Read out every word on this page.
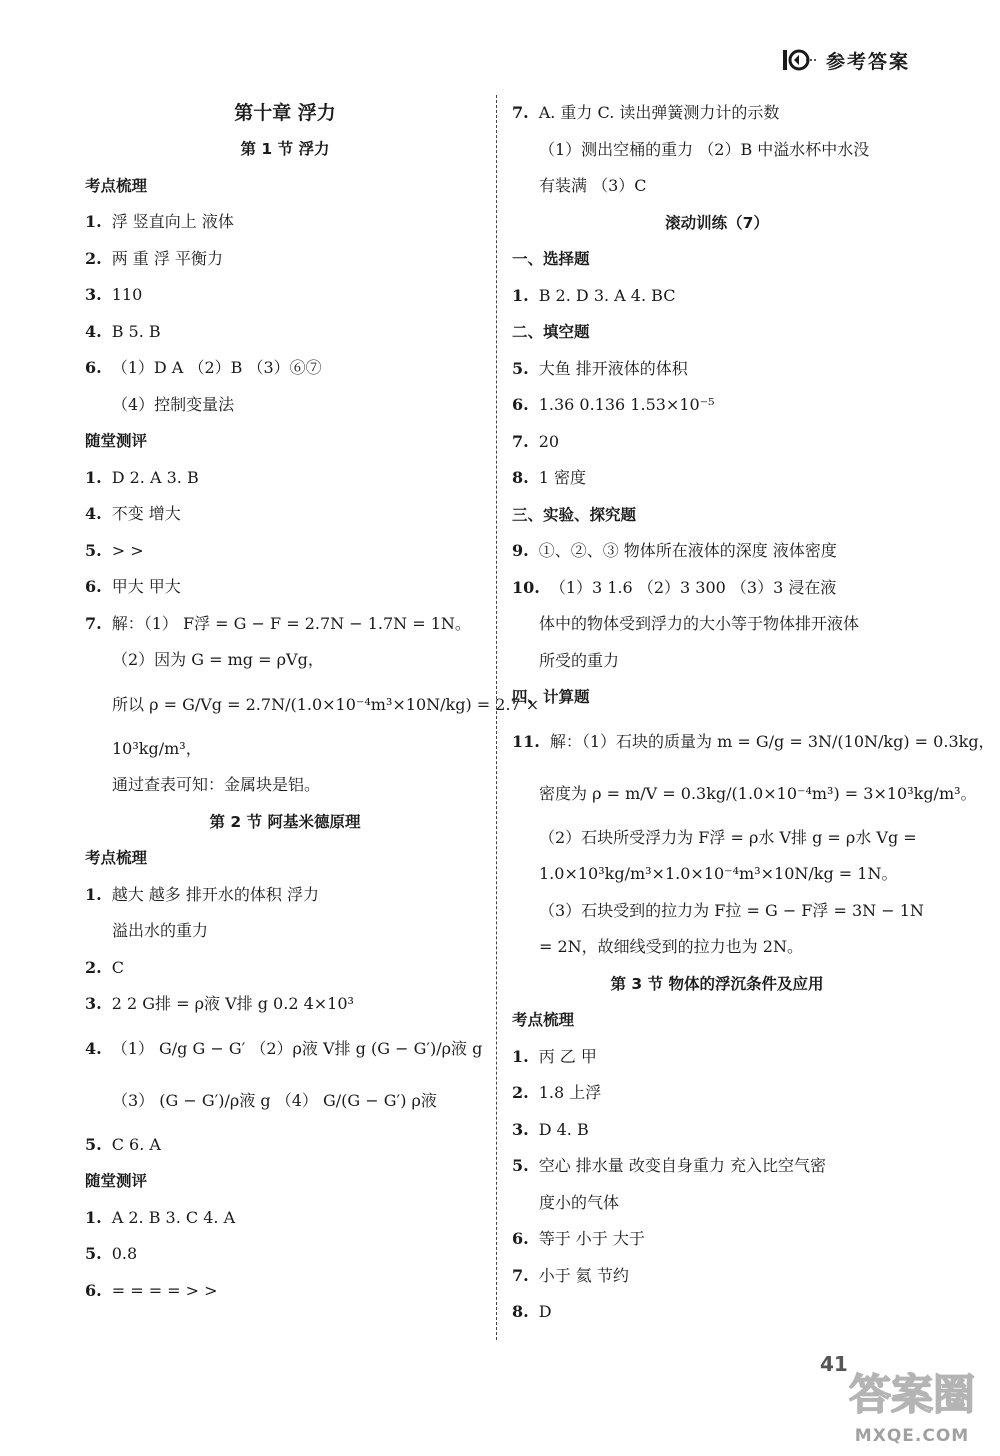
参考答案
第十章 浮力
第 1 节 浮力
考点梳理
1. 浮 竖直向上 液体
2. 两 重 浮 平衡力
3. 110
4. B 5. B
6. （1）D A （2）B （3）⑥⑦
（4）控制变量法
随堂测评
1. D 2. A 3. B
4. 不变 增大
5. > >
6. 甲大 甲大
7. 解：（1） F浮 = G − F = 2.7N − 1.7N = 1N。
（2）因为 G = mg = ρVg，
所以 ρ = G/Vg = 2.7N/(1.0×10⁻⁴m³×10N/kg) = 2.7 ×
10³kg/m³，
通过查表可知：金属块是铝。
第 2 节 阿基米德原理
考点梳理
1. 越大 越多 排开水的体积 浮力
溢出水的重力
2. C
3. 2 2 G排 = ρ液 V排 g 0.2 4×10³
4. （1） G/g G − G′ （2）ρ液 V排 g (G − G′)/ρ液 g
（3） (G − G′)/ρ液 g （4） G/(G − G′) ρ液
5. C 6. A
随堂测评
1. A 2. B 3. C 4. A
5. 0.8
6. = = = = > >
7. A. 重力 C. 读出弹簧测力计的示数
（1）测出空桶的重力 （2）B 中溢水杯中水没
有装满 （3）C
滚动训练（7）
一、选择题
1. B 2. D 3. A 4. BC
二、填空题
5. 大鱼 排开液体的体积
6. 1.36 0.136 1.53×10⁻⁵
7. 20
8. 1 密度
三、实验、探究题
9. ①、②、③ 物体所在液体的深度 液体密度
10. （1）3 1.6 （2）3 300 （3）3 浸在液
体中的物体受到浮力的大小等于物体排开液体
所受的重力
四、计算题
11. 解：（1）石块的质量为 m = G/g = 3N/(10N/kg) = 0.3kg，
密度为 ρ = m/V = 0.3kg/(1.0×10⁻⁴m³) = 3×10³kg/m³。
（2）石块所受浮力为 F浮 = ρ水 V排 g = ρ水 Vg =
1.0×10³kg/m³×1.0×10⁻⁴m³×10N/kg = 1N。
（3）石块受到的拉力为 F拉 = G − F浮 = 3N − 1N
= 2N，故细线受到的拉力也为 2N。
第 3 节 物体的浮沉条件及应用
考点梳理
1. 丙 乙 甲
2. 1.8 上浮
3. D 4. B
5. 空心 排水量 改变自身重力 充入比空气密
度小的气体
6. 等于 小于 大于
7. 小于 氦 节约
8. D
41
答案圈
MXQE.COM
